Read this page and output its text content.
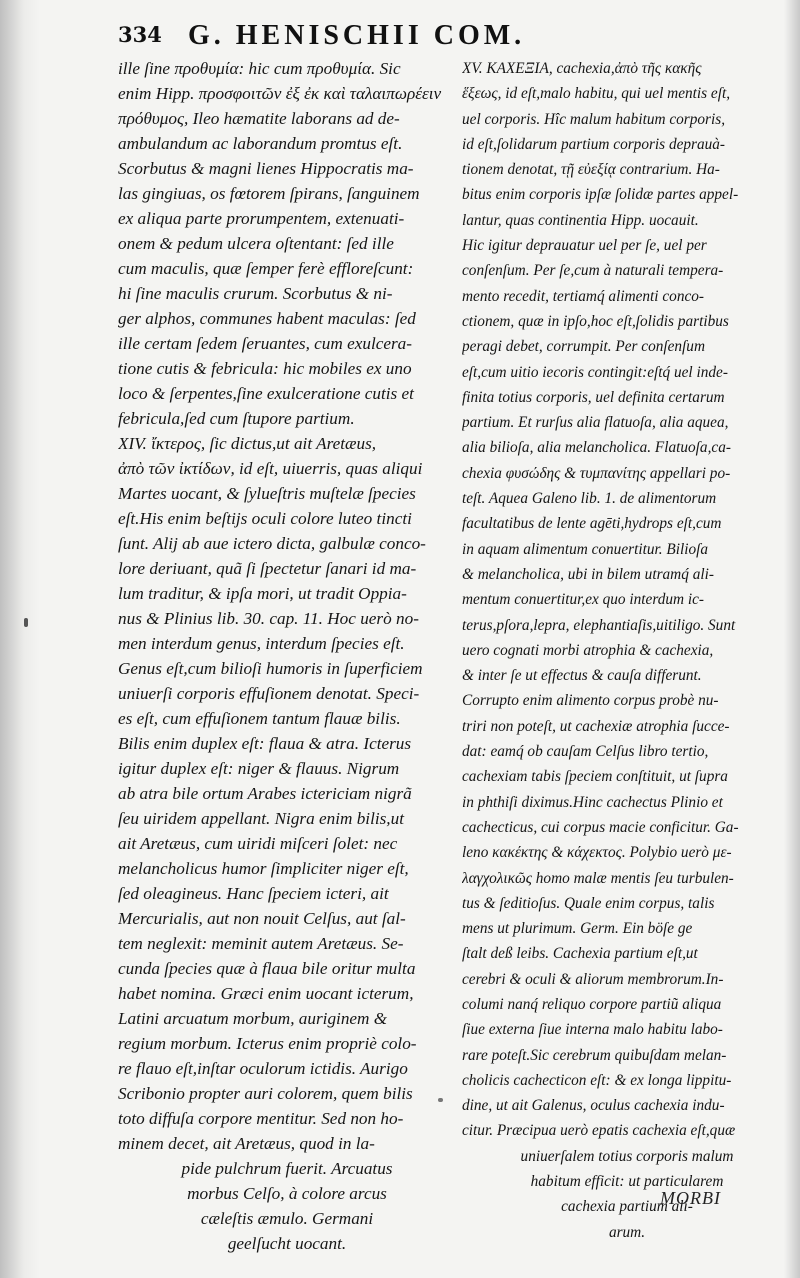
334 G. HENISCHII COM.
ille ſine προθυμία: hic cum προθυμία. Sic
enim Hipp. προσφοιτῶν ἐξ ἐκ καὶ ταλαιπωρέειν
πρόθυμος, Ileo hæmatite laborans ad de-
ambulandum ac laborandum promtus eſt.
Scorbutus & magni lienes Hippocratis ma-
las gingiuas, os fœtorem ſpirans, ſanguinem
ex aliqua parte prorumpentem, extenuati-
onem & pedum ulcera oſtentant: ſed ille
cum maculis, quæ ſemper ferè effloreſcunt:
hi ſine maculis crurum. Scorbutus & ni-
ger alphos, communes habent maculas: ſed
ille certam ſedem ſeruantes, cum exulcera-
tione cutis & febricula: hic mobiles ex uno
loco & ſerpentes,ſine exulceratione cutis et
febricula,ſed cum ſtupore partium.
XIV. ἴκτερος, ſic dictus,ut ait Aretæus,
ἀπὸ τῶν ἰκτίδων, id eſt, uiuerris, quas aliqui
Martes uocant, & ſylueſtris muſtelæ ſpecies
eſt.His enim beſtijs oculi colore luteo tincti
ſunt. Alij ab aue ictero dicta, galbulæ conco-
lore deriuant, quã ſi ſpectetur ſanari id ma-
lum traditur, & ipſa mori, ut tradit Oppia-
nus & Plinius lib. 30. cap. 11. Hoc uerò no-
men interdum genus, interdum ſpecies eſt.
Genus eſt,cum bilioſi humoris in ſuperficiem
uniuerſi corporis effuſionem denotat. Speci-
es eſt, cum effuſionem tantum flauæ bilis.
Bilis enim duplex eſt: flaua & atra. Icterus
igitur duplex eſt: niger & flauus. Nigrum
ab atra bile ortum Arabes ictericiam nigrã
ſeu uiridem appellant. Nigra enim bilis,ut
ait Aretæus, cum uiridi miſceri ſolet: nec
melancholicus humor ſimpliciter niger eſt,
ſed oleagineus. Hanc ſpeciem icteri, ait
Mercurialis, aut non nouit Celſus, aut ſal-
tem neglexit: meminit autem Aretæus. Se-
cunda ſpecies quæ à flaua bile oritur multa
habet nomina. Græci enim uocant icterum,
Latini arcuatum morbum, auriginem &
regium morbum. Icterus enim propriè colo-
re flauo eſt,inſtar oculorum ictidis. Aurigo
Scribonio propter auri colorem, quem bilis
toto diffuſa corpore mentitur. Sed non ho-
minem decet, ait Aretæus, quod in la-
pide pulchrum fuerit. Arcuatus
morbus Celſo, à colore arcus
cæleſtis æmulo. Germani
geelſucht uocant.
XV. ΚΑΧΕΞΙΑ, cachexia,ἀπὸ τῆς κακῆς
ἕξεως, id eſt,malo habitu, qui uel mentis eſt,
uel corporis. Hîc malum habitum corporis,
id eſt,ſolidarum partium corporis deprauà-
tionem denotat, τῇ εὐεξίᾳ contrarium. Ha-
bitus enim corporis ipſæ ſolidæ partes appel-
lantur, quas continentia Hipp. uocauit.
Hic igitur deprauatur uel per ſe, uel per
conſenſum. Per ſe,cum à naturali tempera-
mento recedit, tertiamq́ alimenti conco-
ctionem, quæ in ipſo,hoc eſt,ſolidis partibus
peragi debet, corrumpit. Per conſenſum
eſt,cum uitio iecoris contingit:eſtq́ uel inde-
finita totius corporis, uel definita certarum
partium. Et rurſus alia flatuoſa, alia aquea,
alia bilioſa, alia melancholica. Flatuoſa,ca-
chexia φυσώδης & τυμπανίτης appellari po-
teſt. Aquea Galeno lib. 1. de alimentorum
facultatibus de lente agēti,hydrops eſt,cum
in aquam alimentum conuertitur. Bilioſa
& melancholica, ubi in bilem utramq́ ali-
mentum conuertitur,ex quo interdum ic-
terus,pſora,lepra, elephantiaſis,uitiligo. Sunt
uero cognati morbi atrophia & cachexia,
& inter ſe ut effectus & cauſa differunt.
Corrupto enim alimento corpus probè nu-
triri non poteſt, ut cachexiæ atrophia ſucce-
dat: eamq́ ob cauſam Celſus libro tertio,
cachexiam tabis ſpeciem conſtituit, ut ſupra
in phthiſi diximus.Hinc cachectus Plinio et
cachecticus, cui corpus macie conficitur. Ga-
leno κακέκτης & κάχεκτος. Polybio uerò με-
λαγχολικῶς homo malæ mentis ſeu turbulen-
tus & ſeditioſus. Quale enim corpus, talis
mens ut plurimum. Germ. Ein böſe ge
ſtalt deß leibs. Cachexia partium eſt,ut
cerebri & oculi & aliorum membrorum.In-
columi nanq́ reliquo corpore partiũ aliqua
ſiue externa ſiue interna malo habitu labo-
rare poteſt.Sic cerebrum quibuſdam melan-
cholicis cachecticon eſt: & ex longa lippitu-
dine, ut ait Galenus, oculus cachexia indu-
citur. Præcipua uerò epatis cachexia eſt,quæ
uniuerſalem totius corporis malum
habitum efficit: ut particularem
cachexia partium ali-
arum.
MORBI
